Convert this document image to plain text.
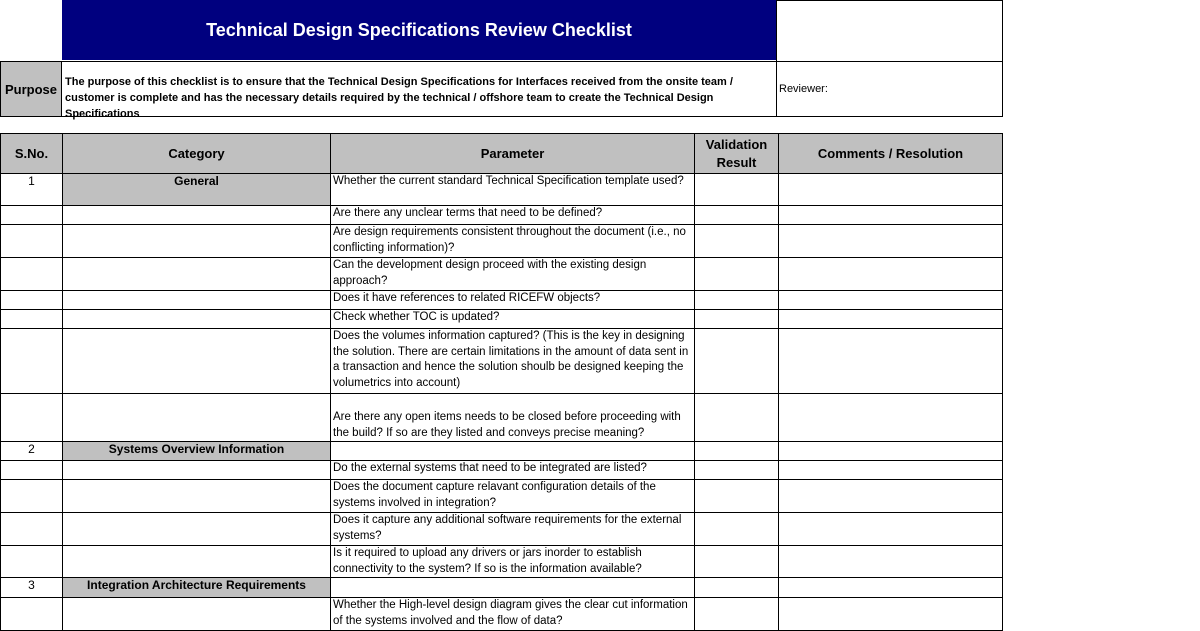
Technical Design Specifications Review Checklist
Purpose The purpose of this checklist is to ensure that the Technical Design Specifications for Interfaces received from the onsite team / customer is complete and has the necessary details required by the technical / offshore team to create the Technical Design Specifications
Reviewer:
S.No.	Category	Parameter	Validation Result	Comments / Resolution
1	General	Whether the current standard Technical Specification template used?		
		Are there any unclear terms that need to be defined?		
		Are design requirements consistent throughout the document (i.e., no conflicting information)?		
		Can the development design proceed with the existing design approach?		
		Does it have references to related RICEFW objects?		
		Check whether TOC is updated?		
		Does the volumes information captured? (This is the key in designing the solution. There are certain limitations in the amount of data sent in a transaction and hence the solution shoulb be designed keeping the volumetrics into account)		
		Are there any open items needs to be closed before proceeding with the build? If so are they listed and conveys precise meaning?		
2	Systems Overview Information			
		Do the external systems that need to be integrated are listed?		
		Does the document capture relavant configuration details of the systems involved in integration?		
		Does it capture any additional software requirements for the external systems?		
		Is it required to upload any drivers or jars inorder to establish connectivity to the system? If so is the information available?		
3	Integration Architecture Requirements			
		Whether the High-level design diagram gives the clear cut information of the systems involved and the flow of data?		
